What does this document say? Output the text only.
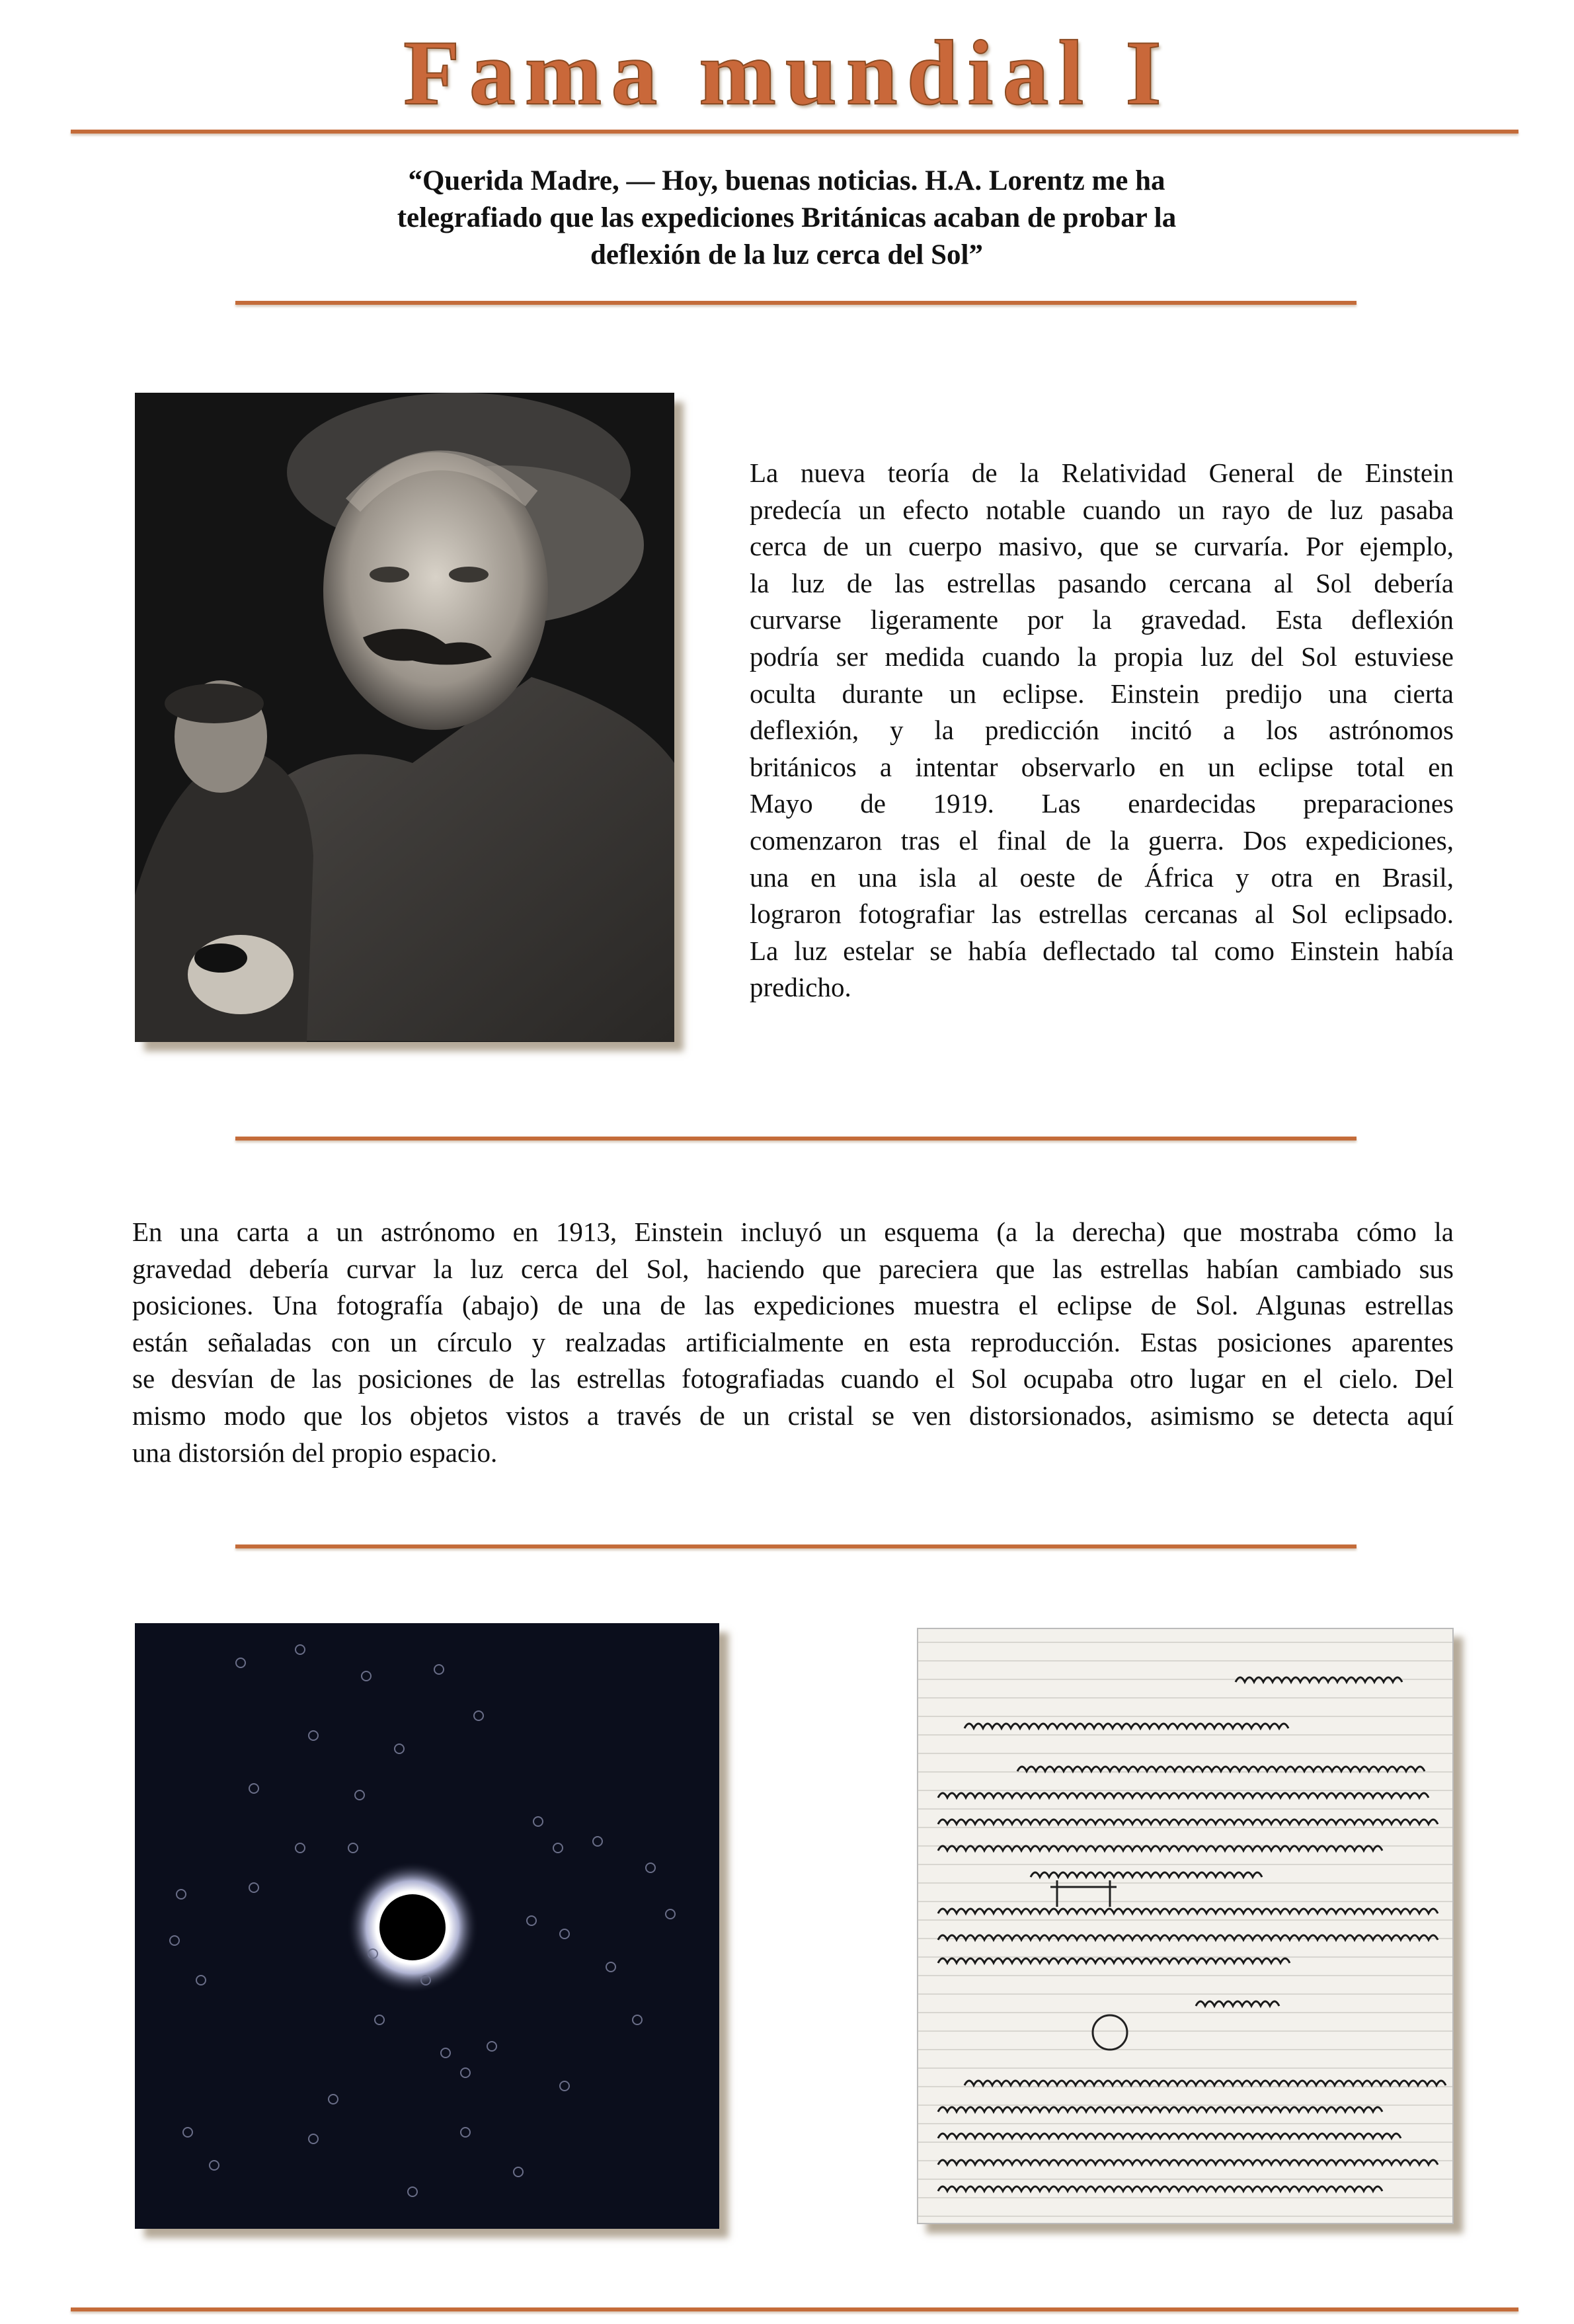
Fama mundial I
“Querida Madre, — Hoy, buenas noticias. H.A. Lorentz me ha
telegrafiado que las expediciones Británicas acaban de probar la
deflexión de la luz cerca del Sol”
La nueva teoría de la Relatividad General de Einstein
predecía un efecto notable cuando un rayo de luz pasaba
cerca de un cuerpo masivo, que se curvaría. Por ejemplo,
la luz de las estrellas pasando cercana al Sol debería
curvarse ligeramente por la gravedad. Esta deflexión
podría ser medida cuando la propia luz del Sol estuviese
oculta durante un eclipse. Einstein predijo una cierta
deflexión, y la predicción incitó a los astrónomos
británicos a intentar observarlo en un eclipse total en
Mayo de 1919. Las enardecidas preparaciones
comenzaron tras el final de la guerra. Dos expediciones,
una en una isla al oeste de África y otra en Brasil,
lograron fotografiar las estrellas cercanas al Sol eclipsado.
La luz estelar se había deflectado tal como Einstein había
predicho.
En una carta a un astrónomo en 1913, Einstein incluyó un esquema (a la derecha) que mostraba cómo la
gravedad debería curvar la luz cerca del Sol, haciendo que pareciera que las estrellas habían cambiado sus
posiciones. Una fotografía (abajo) de una de las expediciones muestra el eclipse de Sol. Algunas estrellas
están señaladas con un círculo y realzadas artificialmente en esta reproducción. Estas posiciones aparentes
se desvían de las posiciones de las estrellas fotografiadas cuando el Sol ocupaba otro lugar en el cielo. Del
mismo modo que los objetos vistos a través de un cristal se ven distorsionados, asimismo se detecta aquí
una distorsión del propio espacio.
